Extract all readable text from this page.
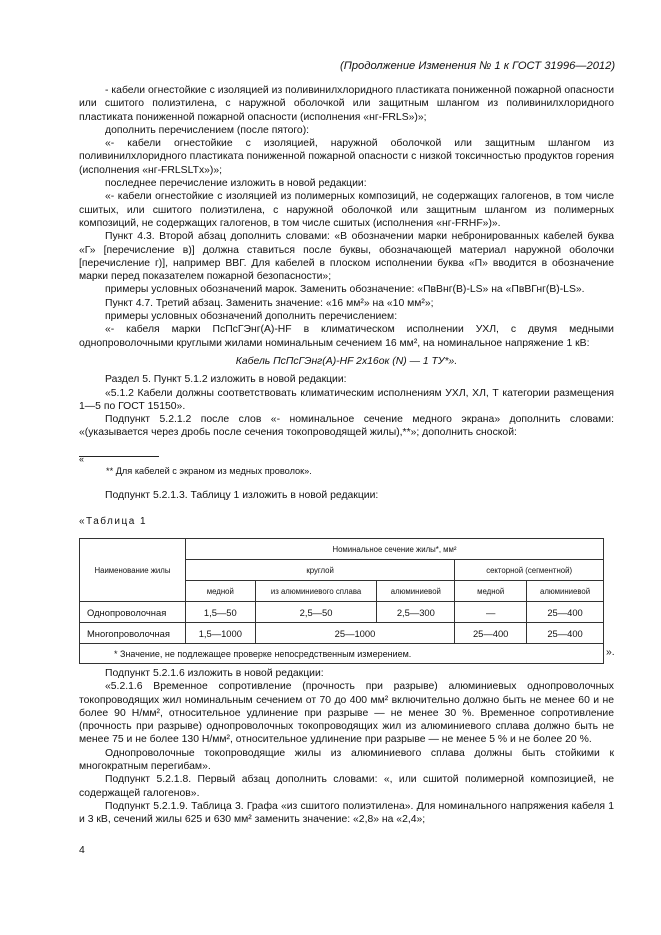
(Продолжение Изменения № 1 к ГОСТ 31996—2012)

- кабели огнестойкие с изоляцией из поливинилхлоридного пластиката пониженной пожарной опасности или сшитого полиэтилена, с наружной оболочкой или защитным шлангом из поливинилхлоридного пластиката пониженной пожарной опасности (исполнения «нг-FRLS»)»;

дополнить перечислением (после пятого):

«- кабели огнестойкие с изоляцией, наружной оболочкой или защитным шлангом из поливинилхлоридного пластиката пониженной пожарной опасности с низкой токсичностью продуктов горения (исполнения «нг-FRLSLTx»)»;

последнее перечисление изложить в новой редакции:

«- кабели огнестойкие с изоляцией из полимерных композиций, не содержащих галогенов, в том числе сшитых, или сшитого полиэтилена, с наружной оболочкой или защитным шлангом из полимерных композиций, не содержащих галогенов, в том числе сшитых (исполнения «нг-FRHF»)».

Пункт 4.3. Второй абзац дополнить словами: «В обозначении марки небронированных кабелей буква «Г» [перечисление в)] должна ставиться после буквы, обозначающей материал наружной оболочки [перечисление г)], например ВВГ. Для кабелей в плоском исполнении буква «П» вводится в обозначение марки перед показателем пожарной безопасности»;

примеры условных обозначений марок. Заменить обозначение: «ПвВнг(В)-LS» на «ПвВГнг(В)-LS».

Пункт 4.7. Третий абзац. Заменить значение: «16 мм²» на «10 мм²»;

примеры условных обозначений дополнить перечислением:

«- кабеля марки ПсПсГЭнг(А)-HF в климатическом исполнении УХЛ, с двумя медными однопроволочными круглыми жилами номинальным сечением 16 мм², на номинальное напряжение 1 кВ:

Кабель ПсПсГЭнг(А)-HF 2х16ок (N) — 1 ТУ*».

Раздел 5. Пункт 5.1.2 изложить в новой редакции:

«5.1.2 Кабели должны соответствовать климатическим исполнениям УХЛ, ХЛ, Т категории размещения 1—5 по ГОСТ 15150».

Подпункт 5.2.1.2 после слов «- номинальное сечение медного экрана» дополнить словами: «(указывается через дробь после сечения токопроводящей жилы),**»; дополнить сноской:

«
** Для кабелей с экраном из медных проволок».
Подпункт 5.2.1.3. Таблицу 1 изложить в новой редакции:
«Таблица 1
Наименование жилы	Номинальное сечение жилы*, мм²				
	круглой			секторной (сегментной)	
	медной	из алюминиевого сплава	алюминиевой	медной	алюминиевой
Однопроволочная	1,5—50	2,5—50	2,5—300	—	25—400
Многопроволочная	1,5—1000	25—1000		25—400	25—400
* Значение, не подлежащее проверке непосредственным измерением.						».

Подпункт 5.2.1.6 изложить в новой редакции:

«5.2.1.6 Временное сопротивление (прочность при разрыве) алюминиевых однопроволочных токопроводящих жил номинальным сечением от 70 до 400 мм² включительно должно быть не менее 60 и не более 90 Н/мм², относительное удлинение при разрыве — не менее 30 %. Временное сопротивление (прочность при разрыве) однопроволочных токопроводящих жил из алюминиевого сплава должно быть не менее 75 и не более 130 Н/мм², относительное удлинение при разрыве — не менее 5 % и не более 20 %.

Однопроволочные токопроводящие жилы из алюминиевого сплава должны быть стойкими к многократным перегибам».

Подпункт 5.2.1.8. Первый абзац дополнить словами: «, или сшитой полимерной композицией, не содержащей галогенов».

Подпункт 5.2.1.9. Таблица 3. Графа «из сшитого полиэтилена». Для номинального напряжения кабеля 1 и 3 кВ, сечений жилы 625 и 630 мм² заменить значение: «2,8» на «2,4»;

4
